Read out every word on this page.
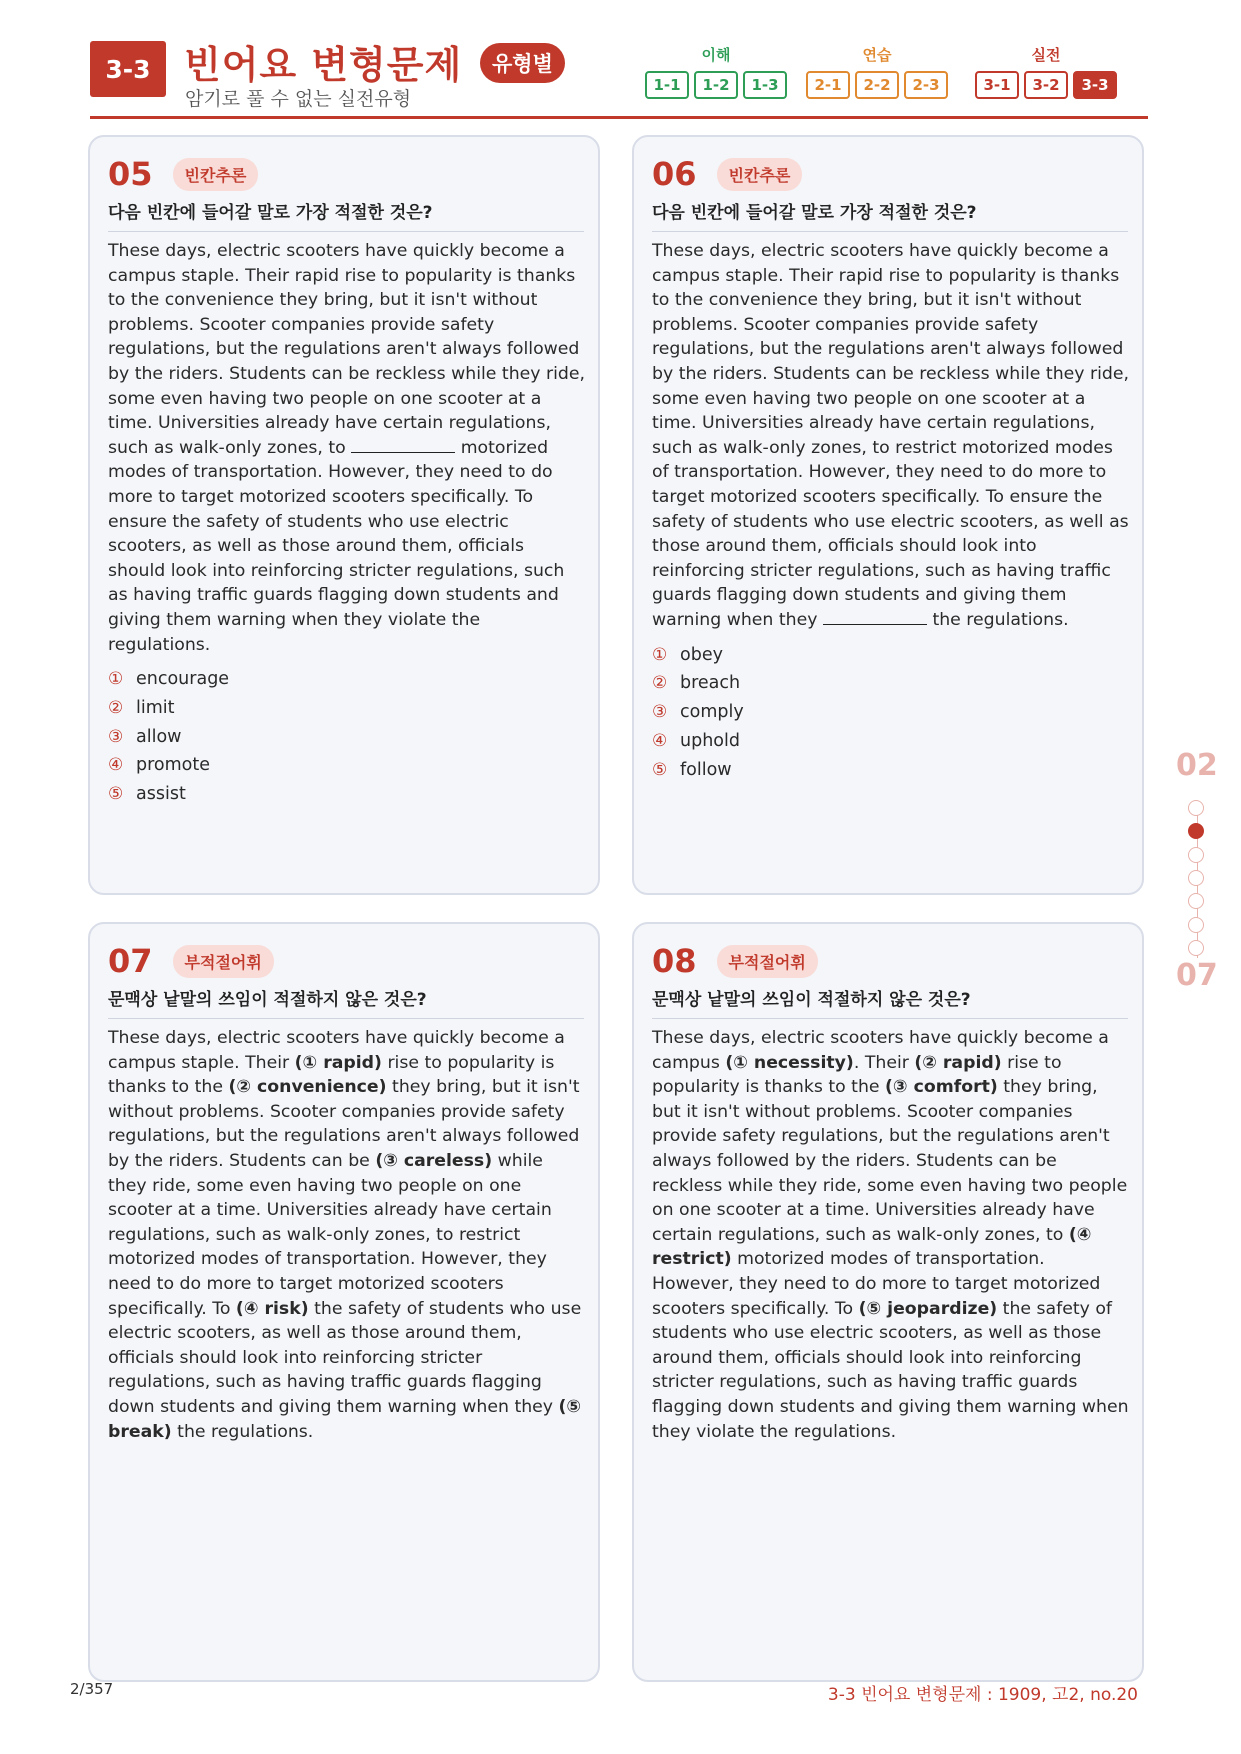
3-3 빈어요 변형문제	유형별
암기로 풀 수 없는 실전유형
이해
1-1	1-2	1-3
연습
2-1	2-2	2-3
실전
3-1	3-2	3-3
05	빈칸추론
다음 빈칸에 들어갈 말로 가장 적절한 것은?
These days, electric scooters have quickly become a campus staple. Their rapid rise to popularity is thanks to the convenience they bring, but it isn't without problems. Scooter companies provide safety regulations, but the regulations aren't always followed by the riders. Students can be reckless while they ride, some even having two people on one scooter at a time. Universities already have certain regulations, such as walk-only zones, to	motorized modes of transportation. However, they need to do more to target motorized scooters specifically. To ensure the safety of students who use electric scooters, as well as those around them, officials should look into reinforcing stricter regulations, such as having traffic guards flagging down students and giving them warning when they violate the regulations.
① encourage
② limit
③ allow
④ promote
⑤ assist
06	빈칸추론
다음 빈칸에 들어갈 말로 가장 적절한 것은?
These days, electric scooters have quickly become a campus staple. Their rapid rise to popularity is thanks to the convenience they bring, but it isn't without problems. Scooter companies provide safety regulations, but the regulations aren't always followed by the riders. Students can be reckless while they ride, some even having two people on one scooter at a time. Universities already have certain regulations, such as walk-only zones, to restrict motorized modes of transportation. However, they need to do more to target motorized scooters specifically. To ensure the safety of students who use electric scooters, as well as those around them, officials should look into reinforcing stricter regulations, such as having traffic guards flagging down students and giving them warning when they	the regulations.
① obey
② breach
③ comply
④ uphold
⑤ follow
07	부적절어휘
문맥상 낱말의 쓰임이 적절하지 않은 것은?
These days, electric scooters have quickly become a campus staple. Their (① rapid) rise to popularity is thanks to the (② convenience) they bring, but it isn't without problems. Scooter companies provide safety regulations, but the regulations aren't always followed by the riders. Students can be (③ careless) while they ride, some even having two people on one scooter at a time. Universities already have certain regulations, such as walk-only zones, to restrict motorized modes of transportation. However, they need to do more to target motorized scooters specifically. To (④ risk) the safety of students who use electric scooters, as well as those around them, officials should look into reinforcing stricter regulations, such as having traffic guards flagging down students and giving them warning when they (⑤ break) the regulations.
08	부적절어휘
문맥상 낱말의 쓰임이 적절하지 않은 것은?
These days, electric scooters have quickly become a campus (① necessity). Their (② rapid) rise to popularity is thanks to the (③ comfort) they bring, but it isn't without problems. Scooter companies provide safety regulations, but the regulations aren't always followed by the riders. Students can be reckless while they ride, some even having two people on one scooter at a time. Universities already have certain regulations, such as walk-only zones, to (④ restrict) motorized modes of transportation. However, they need to do more to target motorized scooters specifically. To (⑤ jeopardize) the safety of students who use electric scooters, as well as those around them, officials should look into reinforcing stricter regulations, such as having traffic guards flagging down students and giving them warning when they violate the regulations.
02
07
2/357	3-3 빈어요 변형문제 : 1909, 고2, no.20
